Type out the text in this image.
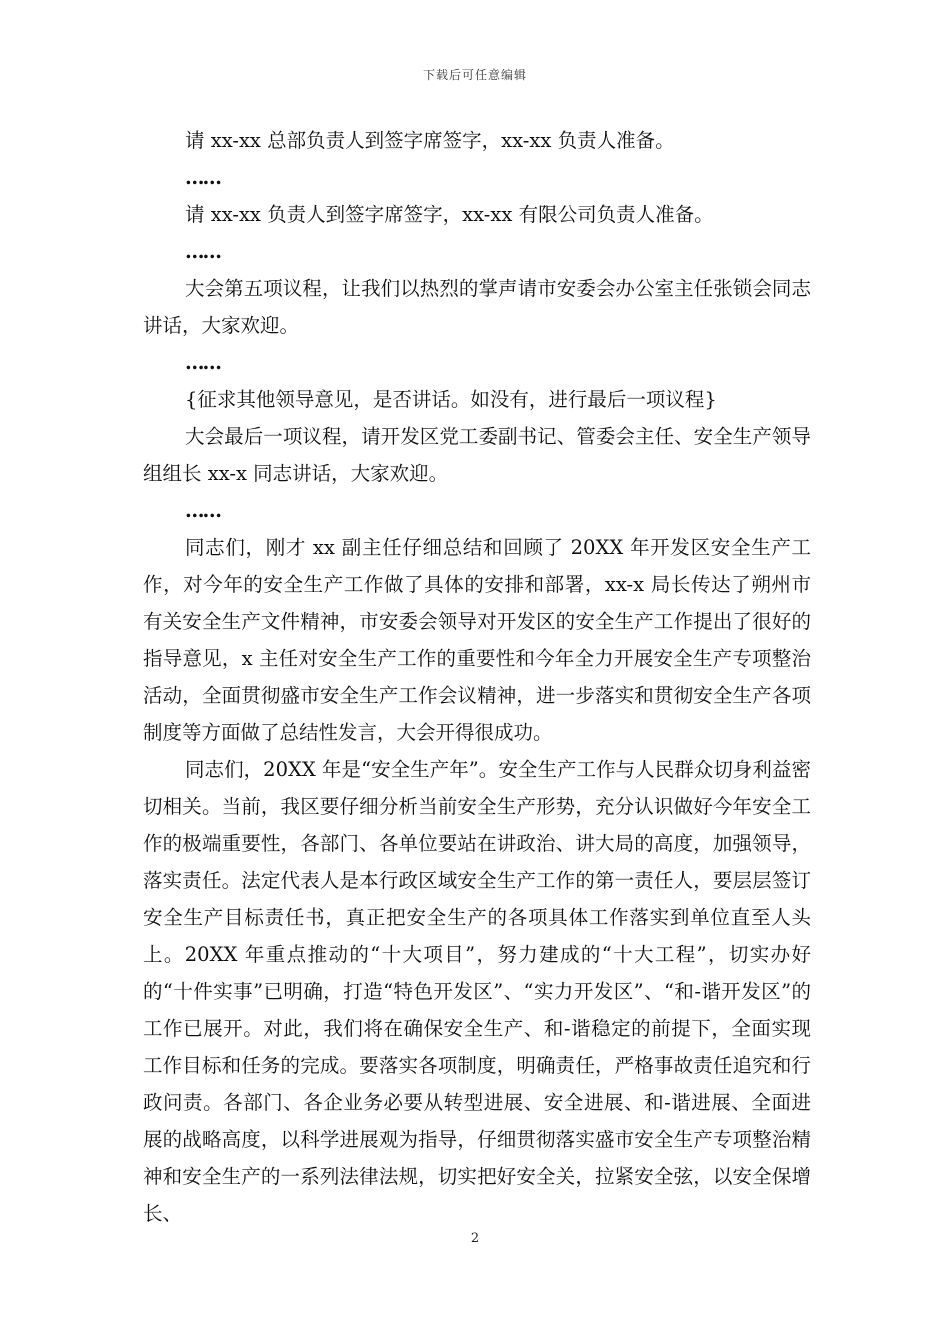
下载后可任意编辑

请 xx-xx 总部负责人到签字席签字，xx-xx 负责人准备。

……

请 xx-xx 负责人到签字席签字，xx-xx 有限公司负责人准备。

……

大会第五项议程，让我们以热烈的掌声请市安委会办公室主任张锁会同志讲话，大家欢迎。

……

{征求其他领导意见，是否讲话。如没有，进行最后一项议程}

大会最后一项议程，请开发区党工委副书记、管委会主任、安全生产领导组组长 xx-x 同志讲话，大家欢迎。

……

同志们，刚才 xx 副主任仔细总结和回顾了 20XX 年开发区安全生产工作，对今年的安全生产工作做了具体的安排和部署，xx-x 局长传达了朔州市有关安全生产文件精神，市安委会领导对开发区的安全生产工作提出了很好的指导意见，x 主任对安全生产工作的重要性和今年全力开展安全生产专项整治活动，全面贯彻盛市安全生产工作会议精神，进一步落实和贯彻安全生产各项制度等方面做了总结性发言，大会开得很成功。

同志们，20XX 年是“安全生产年”。安全生产工作与人民群众切身利益密切相关。当前，我区要仔细分析当前安全生产形势，充分认识做好今年安全工作的极端重要性，各部门、各单位要站在讲政治、讲大局的高度，加强领导，落实责任。法定代表人是本行政区域安全生产工作的第一责任人，要层层签订安全生产目标责任书，真正把安全生产的各项具体工作落实到单位直至人头上。20XX 年重点推动的“十大项目”，努力建成的“十大工程”，切实办好的“十件实事”已明确，打造“特色开发区”、“实力开发区”、“和-谐开发区”的工作已展开。对此，我们将在确保安全生产、和-谐稳定的前提下，全面实现工作目标和任务的完成。要落实各项制度，明确责任，严格事故责任追究和行政问责。各部门、各企业务必要从转型进展、安全进展、和-谐进展、全面进展的战略高度，以科学进展观为指导，仔细贯彻落实盛市安全生产专项整治精神和安全生产的一系列法律法规，切实把好安全关，拉紧安全弦，以安全保增长、

2
